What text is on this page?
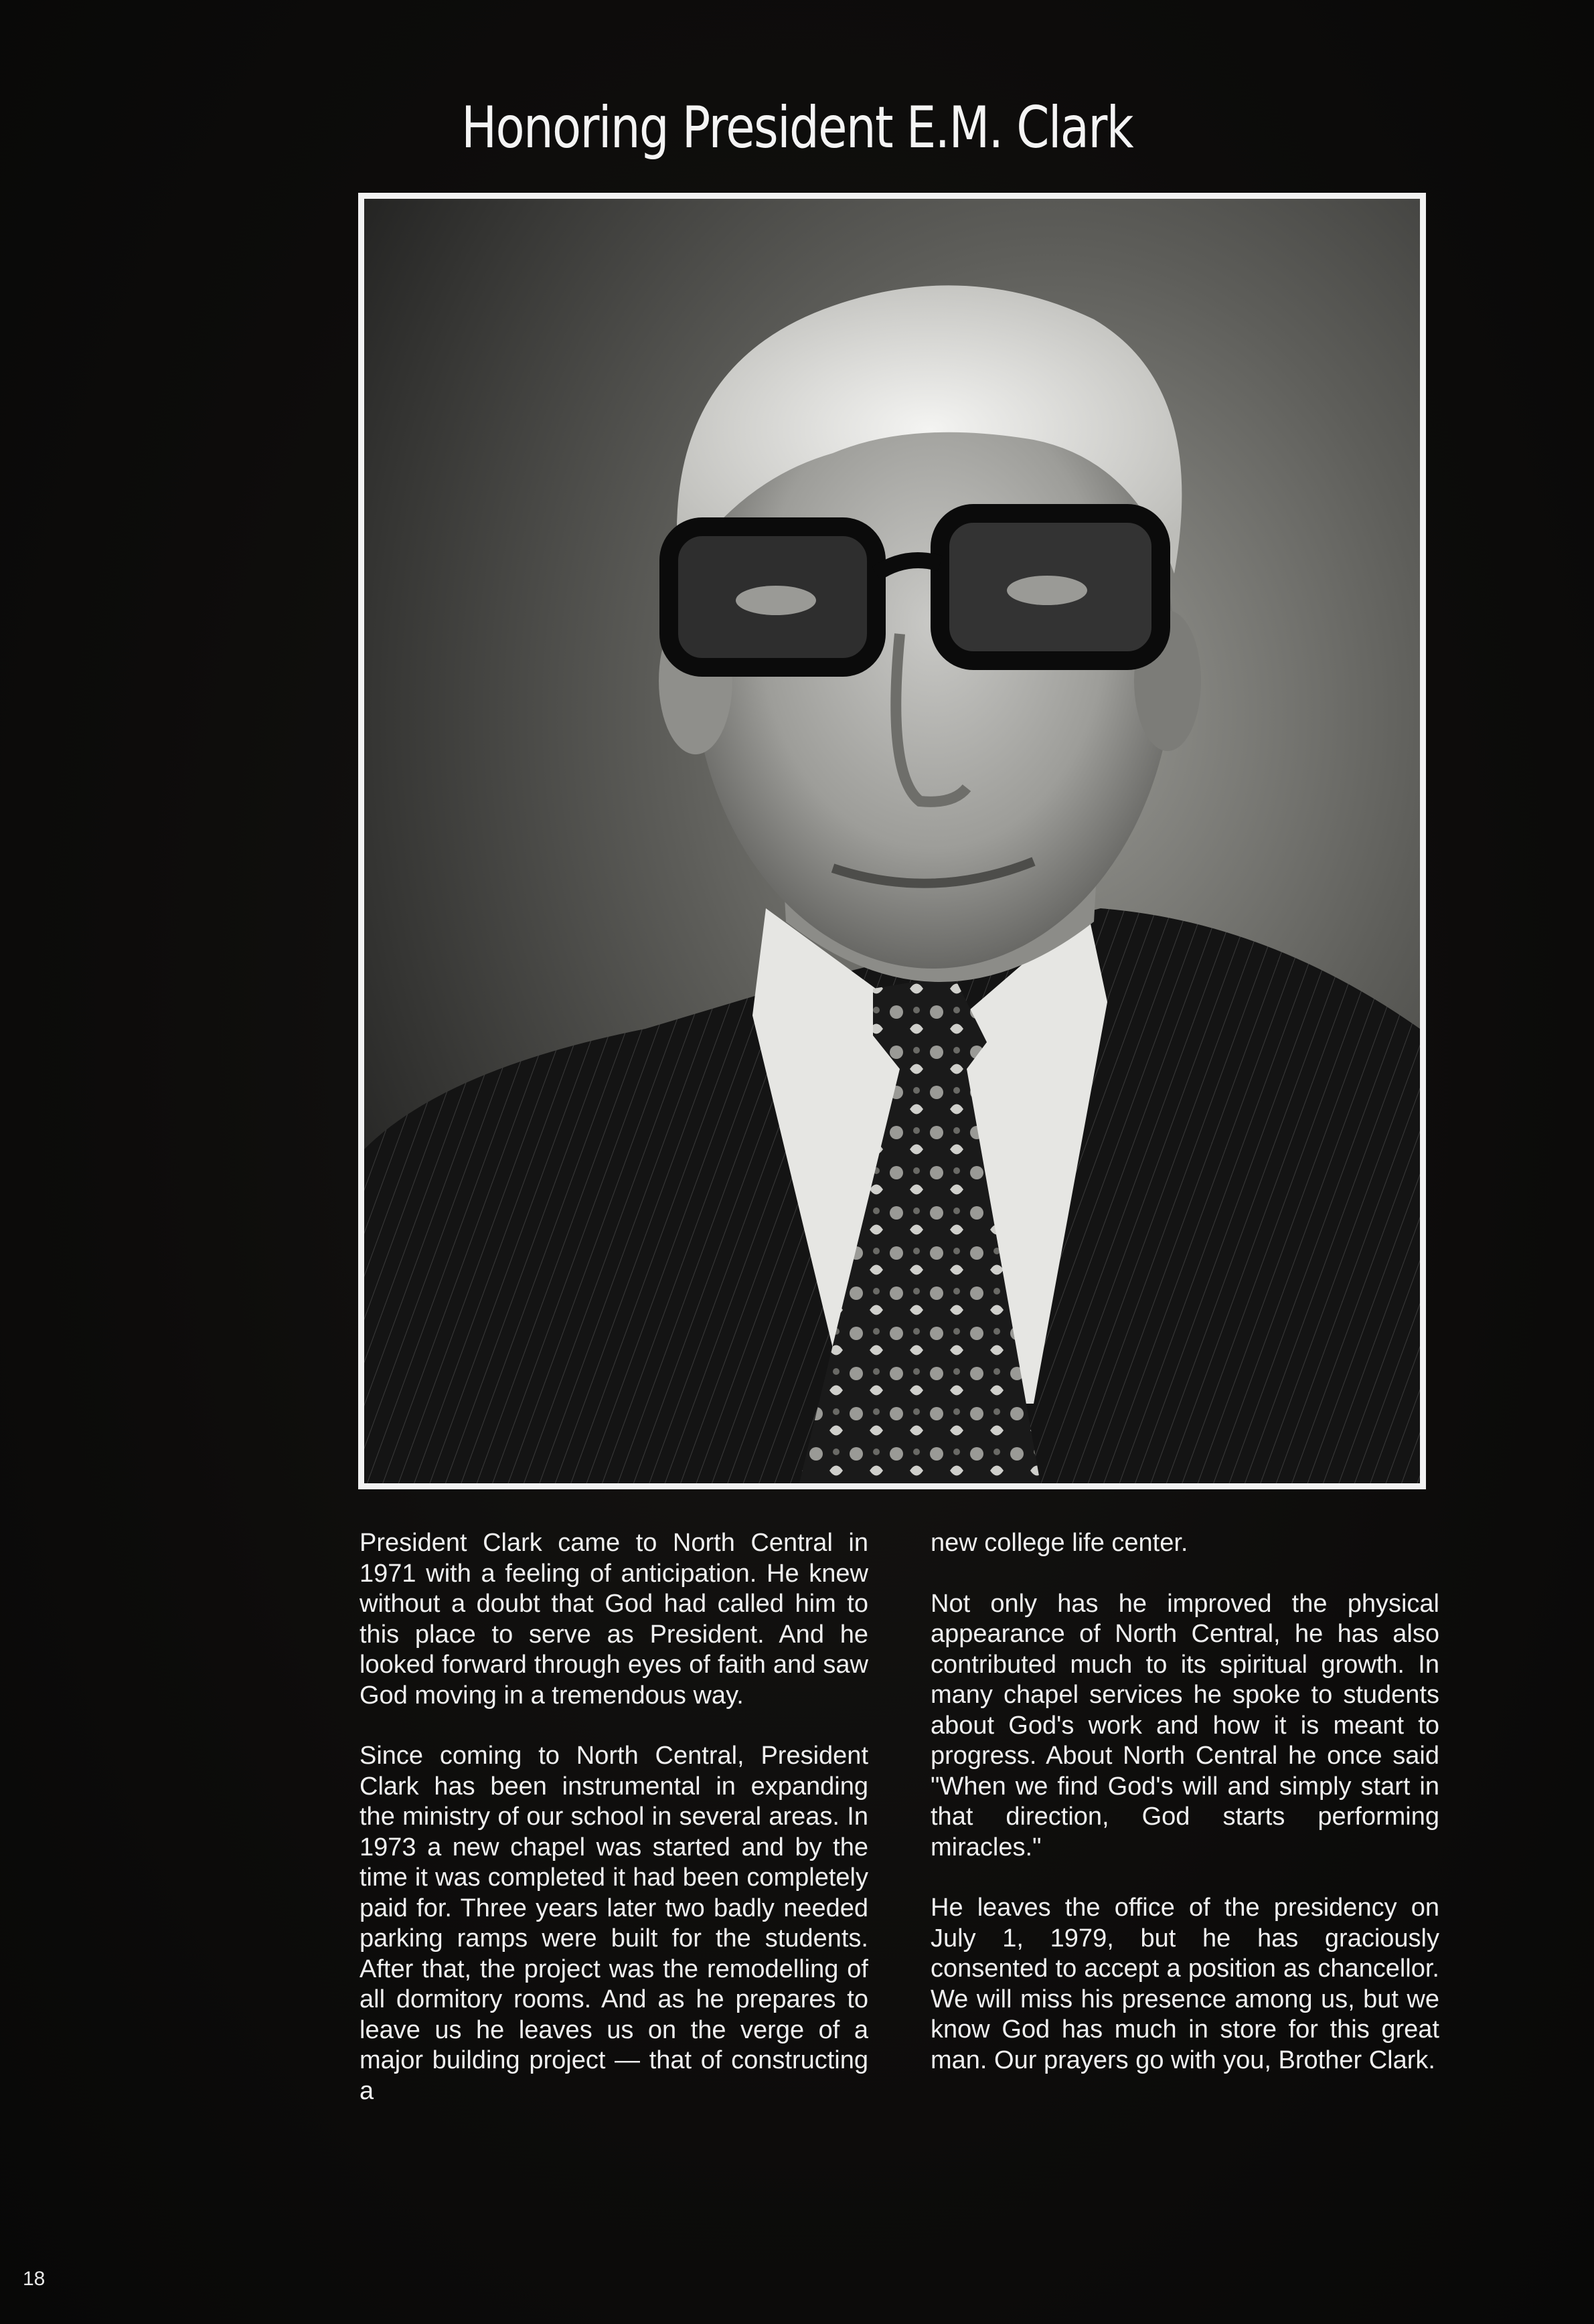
Honoring President E.M. Clark

President Clark came to North Central in 1971 with a feeling of anticipation. He knew without a doubt that God had called him to this place to serve as President. And he looked forward through eyes of faith and saw God moving in a tremendous way.

Since coming to North Central, President Clark has been instrumental in expanding the ministry of our school in several areas. In 1973 a new chapel was started and by the time it was completed it had been completely paid for. Three years later two badly needed parking ramps were built for the students. After that, the project was the remodelling of all dormitory rooms. And as he prepares to leave us he leaves us on the verge of a major building project — that of constructing a

new college life center.

Not only has he improved the physical appearance of North Central, he has also contributed much to its spiritual growth. In many chapel services he spoke to students about God's work and how it is meant to progress. About North Central he once said "When we find God's will and simply start in that direction, God starts performing miracles."

He leaves the office of the presidency on July 1, 1979, but he has graciously consented to accept a position as chancellor. We will miss his presence among us, but we know God has much in store for this great man. Our prayers go with you, Brother Clark.

18
